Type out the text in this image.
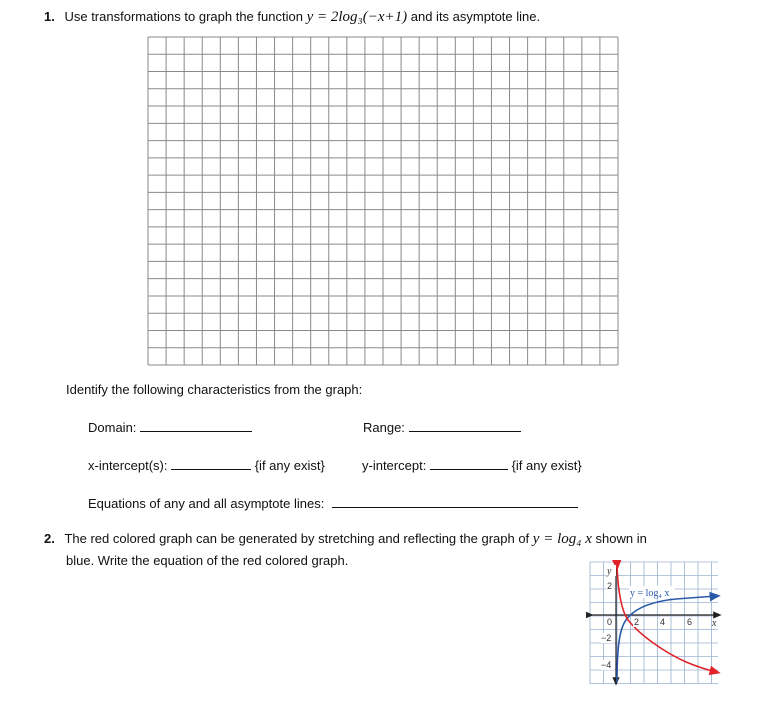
1. Use transformations to graph the function y = 2log₃(−x+1) and its asymptote line.
Identify the following characteristics from the graph:
Domain:	Range:
x-intercept(s):	{if any exist}	y-intercept:	{if any exist}
Equations of any and all asymptote lines:
2. The red colored graph can be generated by stretching and reflecting the graph of y = log₄ x shown in
blue. Write the equation of the red colored graph.
y
x
y = log₄ x
2 4 6
2
0
−2
−4
